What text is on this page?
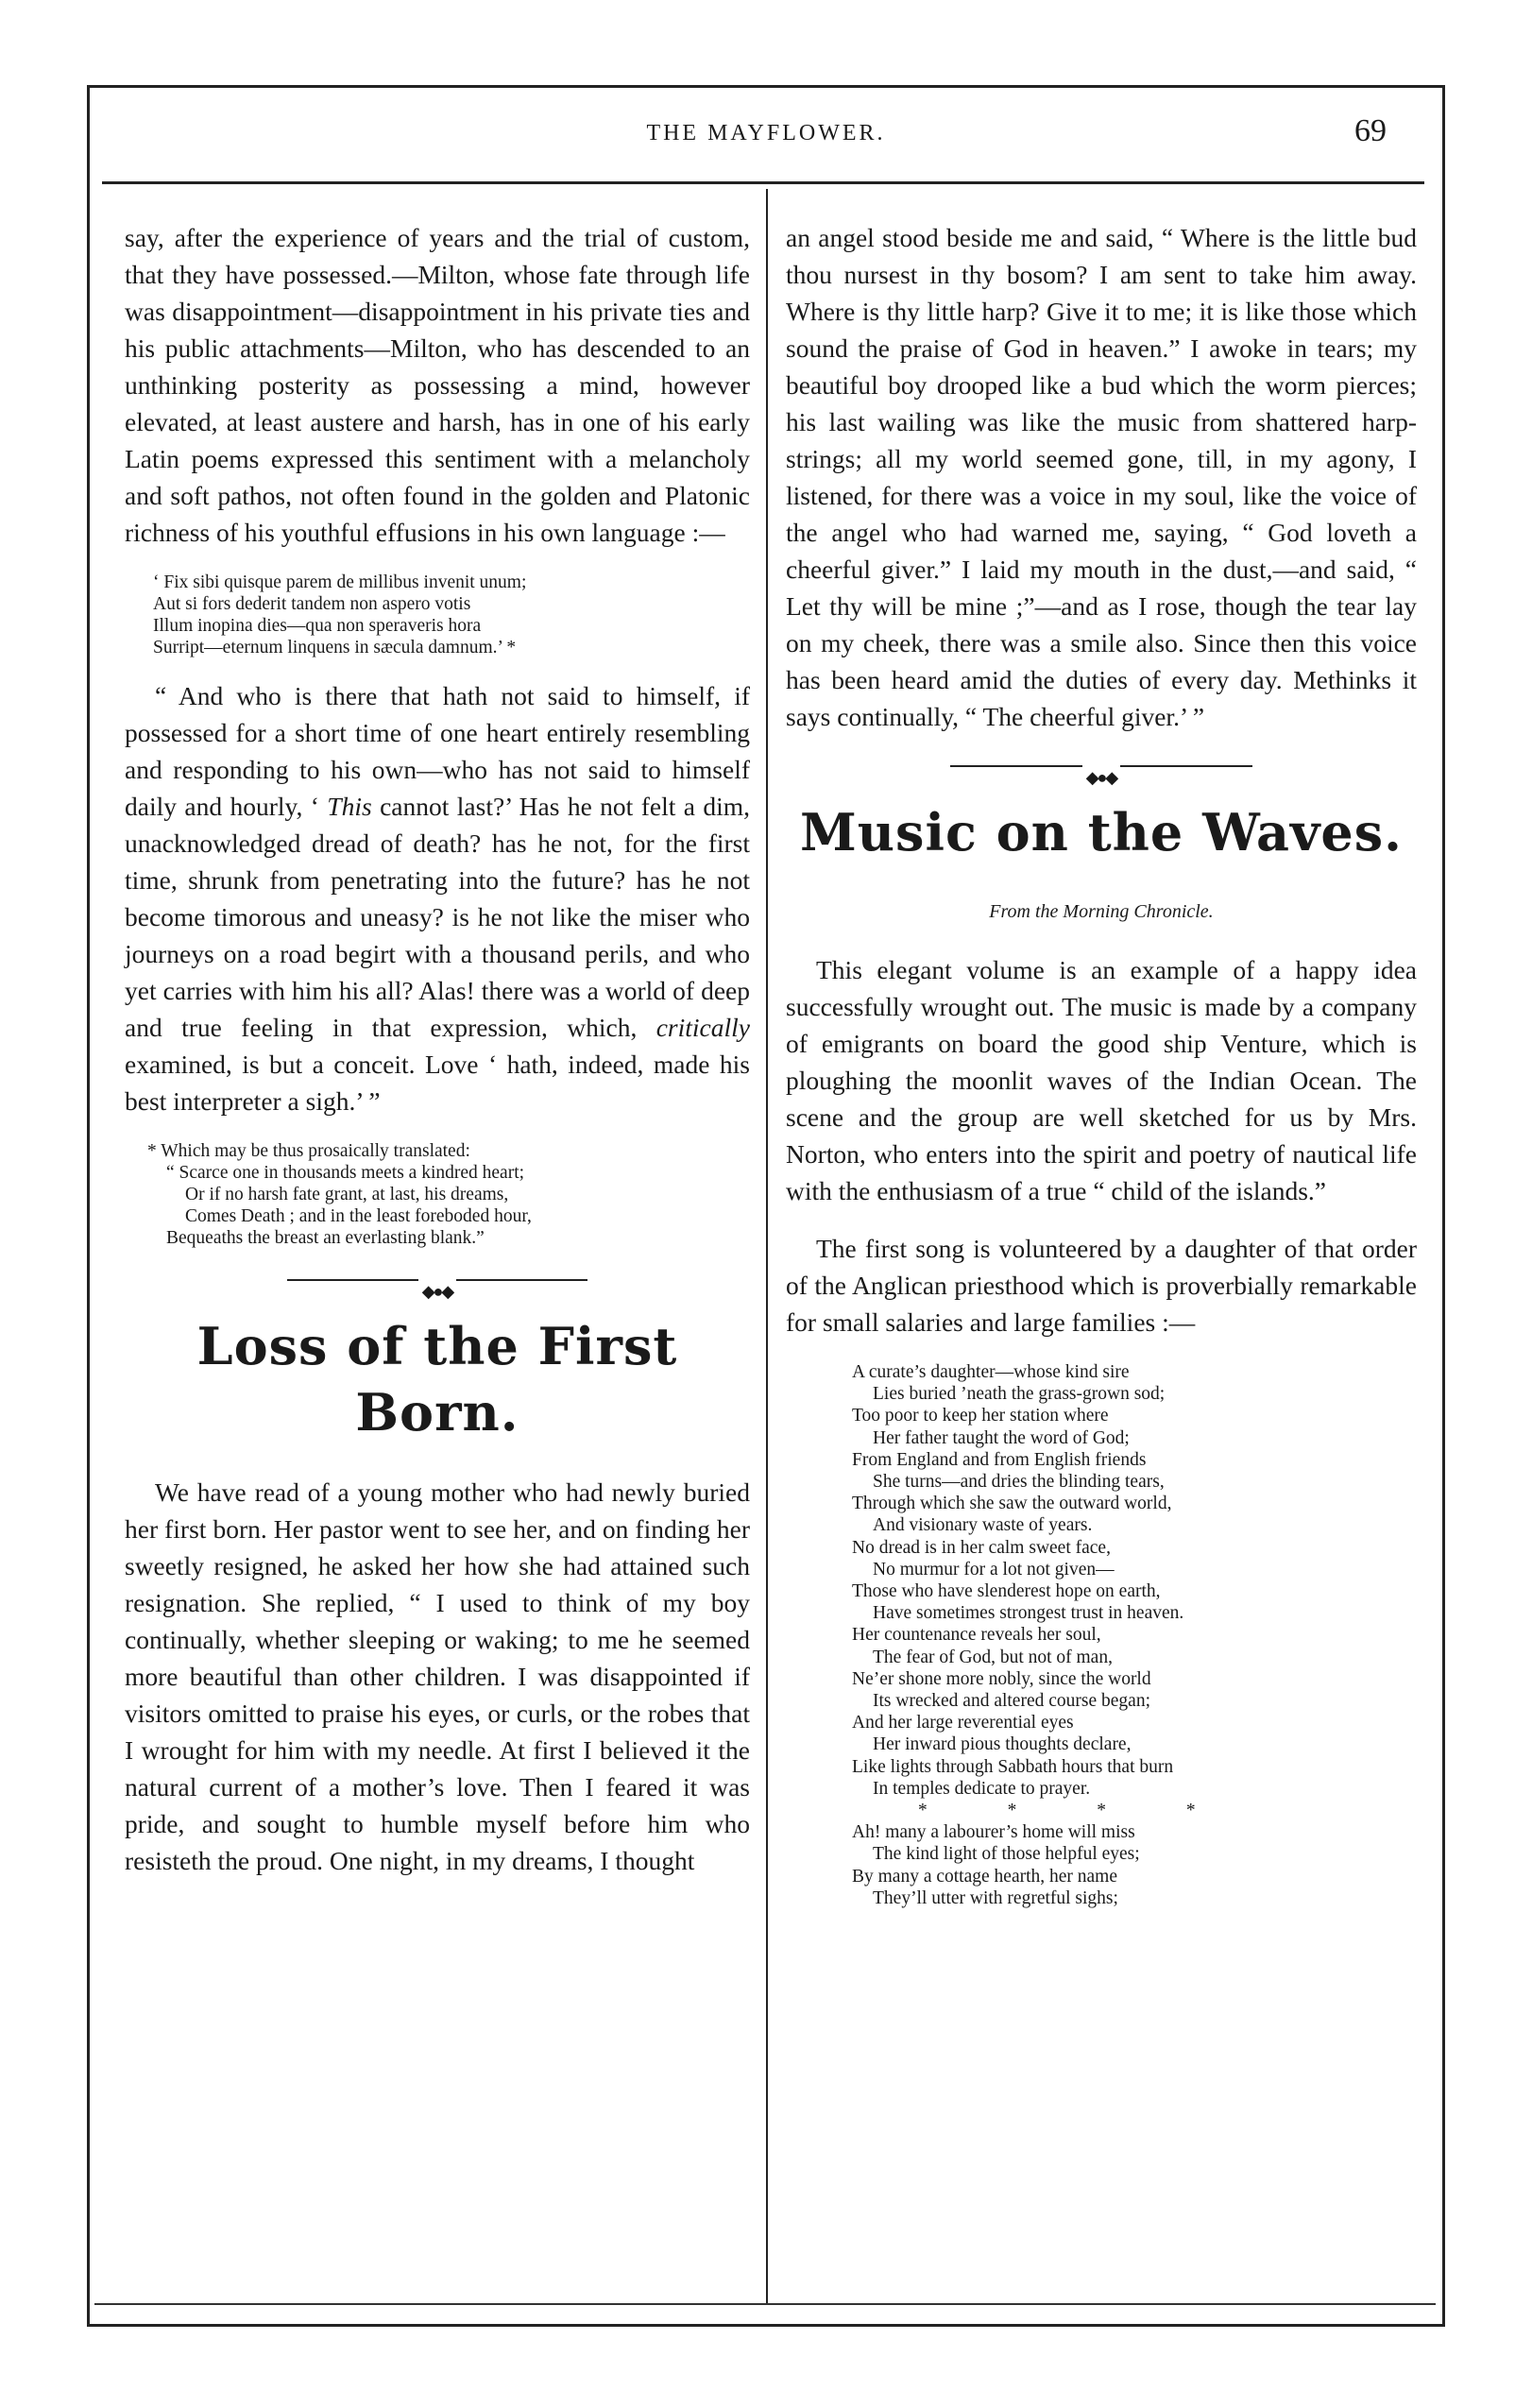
THE MAYFLOWER.	69

say, after the experience of years and the trial of custom, that they have possessed.—Milton, whose fate through life was disappointment—disappointment in his private ties and his public attachments—Milton, who has descended to an unthinking posterity as possessing a mind, however elevated, at least austere and harsh, has in one of his early Latin poems expressed this sentiment with a melancholy and soft pathos, not often found in the golden and Platonic richness of his youthful effusions in his own language :—

‘ Fix sibi quisque parem de millibus invenit unum;
Aut si fors dederit tandem non aspero votis
Illum inopina dies—qua non speraveris hora
Surript—eternum linquens in sæcula damnum.’ *

“ And who is there that hath not said to himself, if possessed for a short time of one heart entirely resembling and responding to his own—who has not said to himself daily and hourly, ‘ This cannot last?’ Has he not felt a dim, unacknowledged dread of death? has he not, for the first time, shrunk from penetrating into the future? has he not become timorous and uneasy? is he not like the miser who journeys on a road begirt with a thousand perils, and who yet carries with him his all? Alas! there was a world of deep and true feeling in that expression, which, critically examined, is but a conceit. Love ‘ hath, indeed, made his best interpreter a sigh.’ ”

* Which may be thus prosaically translated:
“ Scarce one in thousands meets a kindred heart;
Or if no harsh fate grant, at last, his dreams,
Comes Death ; and in the least foreboded hour,
Bequeaths the breast an everlasting blank.”
◆●◆
Loss of the First Born.

We have read of a young mother who had newly buried her first born. Her pastor went to see her, and on finding her sweetly resigned, he asked her how she had attained such resignation. She replied, “ I used to think of my boy continually, whether sleeping or waking; to me he seemed more beautiful than other children. I was disappointed if visitors omitted to praise his eyes, or curls, or the robes that I wrought for him with my needle. At first I believed it the natural current of a mother’s love. Then I feared it was pride, and sought to humble myself before him who resisteth the proud. One night, in my dreams, I thought

an angel stood beside me and said, “ Where is the little bud thou nursest in thy bosom? I am sent to take him away. Where is thy little harp? Give it to me; it is like those which sound the praise of God in heaven.” I awoke in tears; my beautiful boy drooped like a bud which the worm pierces; his last wailing was like the music from shattered harp-strings; all my world seemed gone, till, in my agony, I listened, for there was a voice in my soul, like the voice of the angel who had warned me, saying, “ God loveth a cheerful giver.” I laid my mouth in the dust,—and said, “ Let thy will be mine ;”—and as I rose, though the tear lay on my cheek, there was a smile also. Since then this voice has been heard amid the duties of every day. Methinks it says continually, “ The cheerful giver.’ ”

◆●◆
Music on the Waves.
From the Morning Chronicle.

This elegant volume is an example of a happy idea successfully wrought out. The music is made by a company of emigrants on board the good ship Venture, which is ploughing the moonlit waves of the Indian Ocean. The scene and the group are well sketched for us by Mrs. Norton, who enters into the spirit and poetry of nautical life with the enthusiasm of a true “ child of the islands.”

The first song is volunteered by a daughter of that order of the Anglican priesthood which is proverbially remarkable for small salaries and large families :—

A curate’s daughter—whose kind sire
Lies buried ’neath the grass-grown sod;
Too poor to keep her station where
Her father taught the word of God;
From England and from English friends
She turns—and dries the blinding tears,
Through which she saw the outward world,
And visionary waste of years.
No dread is in her calm sweet face,
No murmur for a lot not given—
Those who have slenderest hope on earth,
Have sometimes strongest trust in heaven.
Her countenance reveals her soul,
The fear of God, but not of man,
Ne’er shone more nobly, since the world
Its wrecked and altered course began;
And her large reverential eyes
Her inward pious thoughts declare,
Like lights through Sabbath hours that burn
In temples dedicate to prayer.
* * * *
Ah! many a labourer’s home will miss
The kind light of those helpful eyes;
By many a cottage hearth, her name
They’ll utter with regretful sighs;
